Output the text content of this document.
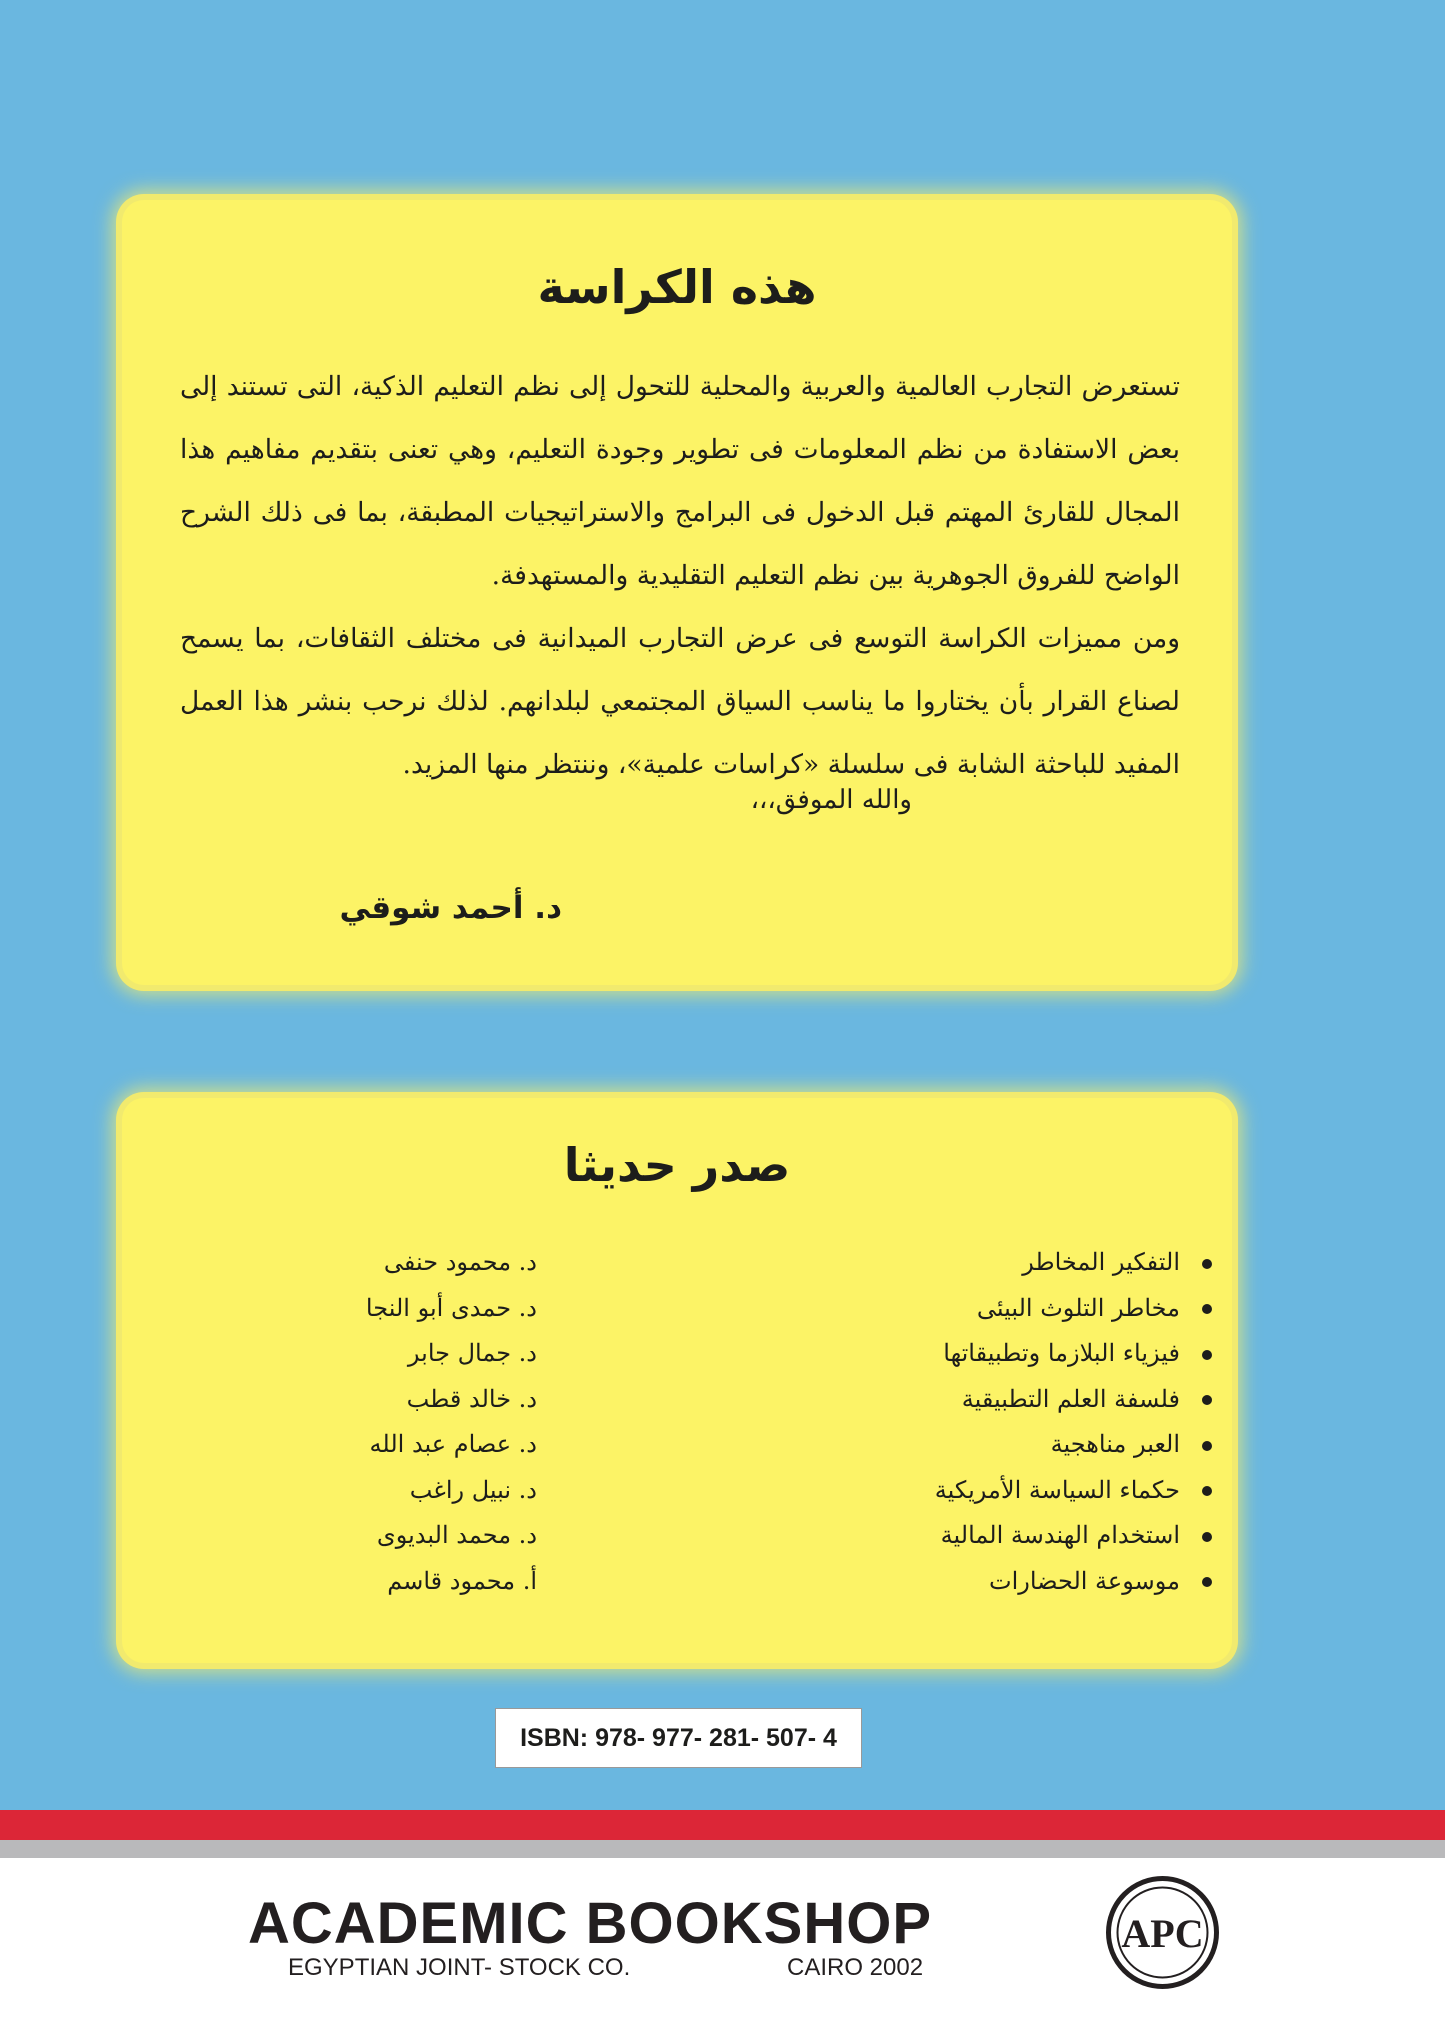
هذه الكراسة

تستعرض التجارب العالمية والعربية والمحلية للتحول إلى نظم التعليم الذكية، التى تستند إلى بعض الاستفادة من نظم المعلومات فى تطوير وجودة التعليم، وهي تعنى بتقديم مفاهيم هذا المجال للقارئ المهتم قبل الدخول فى البرامج والاستراتيجيات المطبقة، بما فى ذلك الشرح الواضح للفروق الجوهرية بين نظم التعليم التقليدية والمستهدفة.

ومن مميزات الكراسة التوسع فى عرض التجارب الميدانية فى مختلف الثقافات، بما يسمح لصناع القرار بأن يختاروا ما يناسب السياق المجتمعي لبلدانهم. لذلك نرحب بنشر هذا العمل المفيد للباحثة الشابة فى سلسلة «كراسات علمية»، وننتظر منها المزيد.

والله الموفق،،،
د. أحمد شوقي
صدر حديثا
التفكير المخاطر
مخاطر التلوث البيئى
فيزياء البلازما وتطبيقاتها
فلسفة العلم التطبيقية
العبر مناهجية
حكماء السياسة الأمريكية
استخدام الهندسة المالية
موسوعة الحضارات
د. محمود حنفى
د. حمدى أبو النجا
د. جمال جابر
د. خالد قطب
د. عصام عبد الله
د. نبيل راغب
د. محمد البديوى
أ. محمود قاسم
ISBN: 978- 977- 281- 507- 4
ACADEMIC BOOKSHOP
EGYPTIAN JOINT- STOCK CO.	CAIRO 2002
APC
